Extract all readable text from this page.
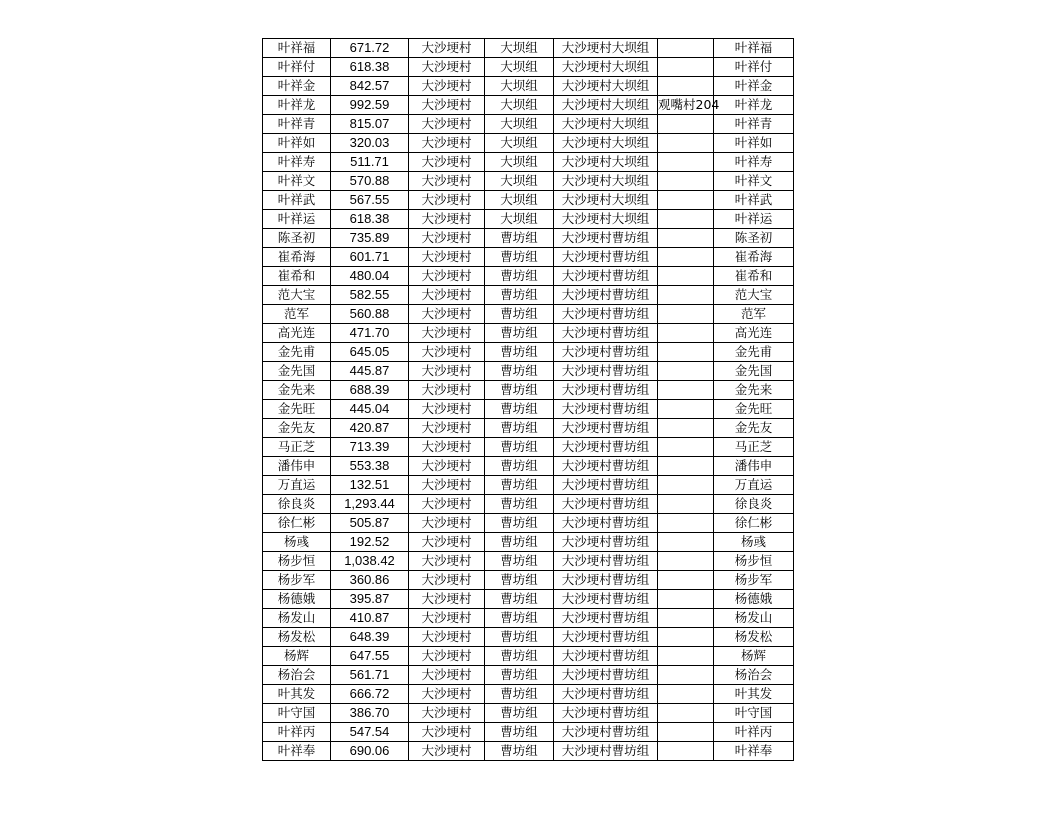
叶祥福	671.72	大沙埂村	大坝组	大沙埂村大坝组		叶祥福
叶祥付	618.38	大沙埂村	大坝组	大沙埂村大坝组		叶祥付
叶祥金	842.57	大沙埂村	大坝组	大沙埂村大坝组		叶祥金
叶祥龙	992.59	大沙埂村	大坝组	大沙埂村大坝组	观嘴村204	叶祥龙
叶祥青	815.07	大沙埂村	大坝组	大沙埂村大坝组		叶祥青
叶祥如	320.03	大沙埂村	大坝组	大沙埂村大坝组		叶祥如
叶祥寿	511.71	大沙埂村	大坝组	大沙埂村大坝组		叶祥寿
叶祥文	570.88	大沙埂村	大坝组	大沙埂村大坝组		叶祥文
叶祥武	567.55	大沙埂村	大坝组	大沙埂村大坝组		叶祥武
叶祥运	618.38	大沙埂村	大坝组	大沙埂村大坝组		叶祥运
陈圣初	735.89	大沙埂村	曹坊组	大沙埂村曹坊组		陈圣初
崔希海	601.71	大沙埂村	曹坊组	大沙埂村曹坊组		崔希海
崔希和	480.04	大沙埂村	曹坊组	大沙埂村曹坊组		崔希和
范大宝	582.55	大沙埂村	曹坊组	大沙埂村曹坊组		范大宝
范军	560.88	大沙埂村	曹坊组	大沙埂村曹坊组		范军
高光连	471.70	大沙埂村	曹坊组	大沙埂村曹坊组		高光连
金先甫	645.05	大沙埂村	曹坊组	大沙埂村曹坊组		金先甫
金先国	445.87	大沙埂村	曹坊组	大沙埂村曹坊组		金先国
金先来	688.39	大沙埂村	曹坊组	大沙埂村曹坊组		金先来
金先旺	445.04	大沙埂村	曹坊组	大沙埂村曹坊组		金先旺
金先友	420.87	大沙埂村	曹坊组	大沙埂村曹坊组		金先友
马正芝	713.39	大沙埂村	曹坊组	大沙埂村曹坊组		马正芝
潘伟申	553.38	大沙埂村	曹坊组	大沙埂村曹坊组		潘伟申
万直运	132.51	大沙埂村	曹坊组	大沙埂村曹坊组		万直运
徐良炎	1,293.44	大沙埂村	曹坊组	大沙埂村曹坊组		徐良炎
徐仁彬	505.87	大沙埂村	曹坊组	大沙埂村曹坊组		徐仁彬
杨彧	192.52	大沙埂村	曹坊组	大沙埂村曹坊组		杨彧
杨步恒	1,038.42	大沙埂村	曹坊组	大沙埂村曹坊组		杨步恒
杨步军	360.86	大沙埂村	曹坊组	大沙埂村曹坊组		杨步军
杨德娥	395.87	大沙埂村	曹坊组	大沙埂村曹坊组		杨德娥
杨发山	410.87	大沙埂村	曹坊组	大沙埂村曹坊组		杨发山
杨发松	648.39	大沙埂村	曹坊组	大沙埂村曹坊组		杨发松
杨辉	647.55	大沙埂村	曹坊组	大沙埂村曹坊组		杨辉
杨治会	561.71	大沙埂村	曹坊组	大沙埂村曹坊组		杨治会
叶其发	666.72	大沙埂村	曹坊组	大沙埂村曹坊组		叶其发
叶守国	386.70	大沙埂村	曹坊组	大沙埂村曹坊组		叶守国
叶祥丙	547.54	大沙埂村	曹坊组	大沙埂村曹坊组		叶祥丙
叶祥奉	690.06	大沙埂村	曹坊组	大沙埂村曹坊组		叶祥奉
